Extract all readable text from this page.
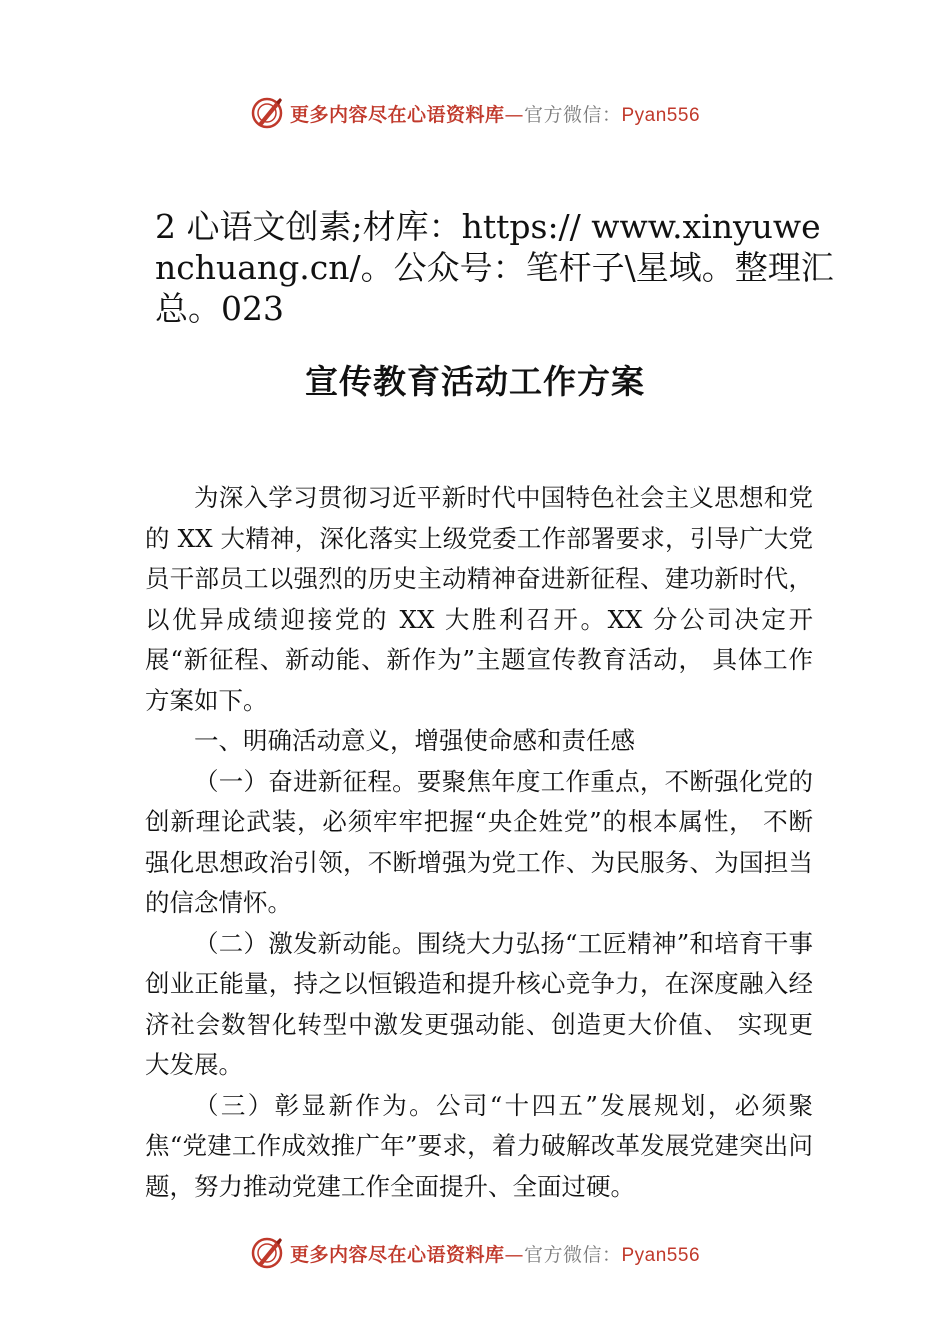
更多内容尽在心语资料库—官方微信：Pyan556
2 心语文创素;材库：https:// www.xinyuwenchuang.cn/。公众号：笔杆子\星域。整理汇总。023
宣传教育活动工作方案

为深入学习贯彻习近平新时代中国特色社会主义思想和党的 XX 大精神，深化落实上级党委工作部署要求，引导广大党员干部员工以强烈的历史主动精神奋进新征程、建功新时代，以优异成绩迎接党的 XX 大胜利召开。XX 分公司决定开展“新征程、新动能、新作为”主题宣传教育活动， 具体工作方案如下。

一、明确活动意义，增强使命感和责任感

（一）奋进新征程。要聚焦年度工作重点，不断强化党的创新理论武装，必须牢牢把握“央企姓党”的根本属性， 不断强化思想政治引领，不断增强为党工作、为民服务、为国担当的信念情怀。

（二）激发新动能。围绕大力弘扬“工匠精神”和培育干事创业正能量，持之以恒锻造和提升核心竞争力，在深度融入经济社会数智化转型中激发更强动能、创造更大价值、 实现更大发展。

（三）彰显新作为。公司“十四五”发展规划，必须聚焦“党建工作成效推广年”要求，着力破解改革发展党建突出问题，努力推动党建工作全面提升、全面过硬。

更多内容尽在心语资料库—官方微信：Pyan556
